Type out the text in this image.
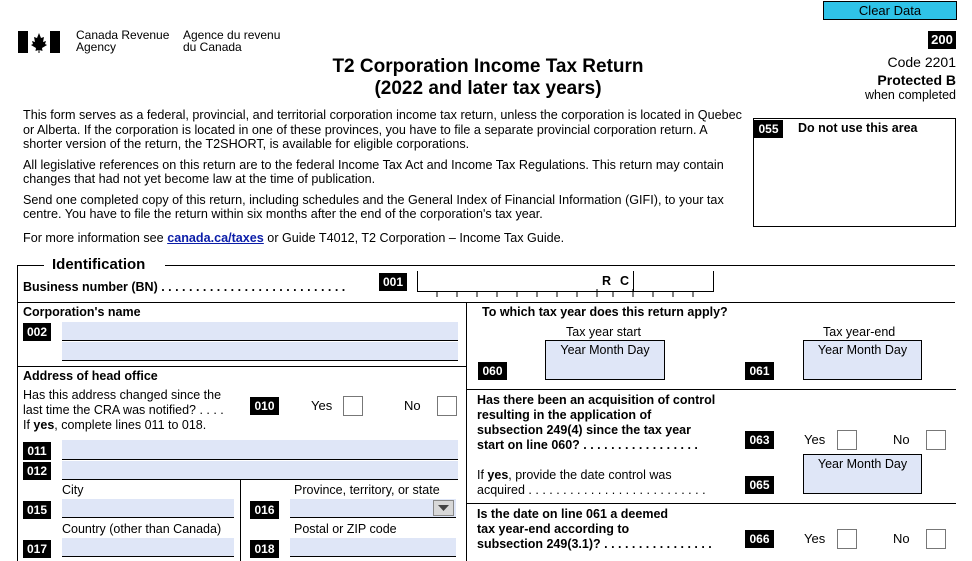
Clear Data
Canada Revenue
Agency
Agence du revenu
du Canada
T2 Corporation Income Tax Return
(2022 and later tax years)
200
Code 2201
Protected B
when completed
This form serves as a federal, provincial, and territorial corporation income tax return, unless the corporation is located in Quebec or Alberta. If the corporation is located in one of these provinces, you have to file a separate provincial corporation return. A shorter version of the return, the T2SHORT, is available for eligible corporations.
All legislative references on this return are to the federal Income Tax Act and Income Tax Regulations. This return may contain changes that had not yet become law at the time of publication.
Send one completed copy of this return, including schedules and the General Index of Financial Information (GIFI), to your tax centre. You have to file the return within six months after the end of the corporation's tax year.
For more information see canada.ca/taxes or Guide T4012, T2 Corporation – Income Tax Guide.
055	Do not use this area
Identification
Business number (BN) . . . . . . . . . . . . . . . . . . . . . . . . . . .	001	R C
Corporation's name
002
Address of head office
Has this address changed since the
last time the CRA was notified? . . . .
If yes, complete lines 011 to 018.
010	Yes	No
011
012
City
015
Province, territory, or state
016
Country (other than Canada)
017
Postal or ZIP code
018
To which tax year does this return apply?
Tax year start
Year Month Day
060
Tax year-end
Year Month Day
061
Has there been an acquisition of control
resulting in the application of
subsection 249(4) since the tax year
start on line 060? . . . . . . . . . . . . . . . . .	063	Yes	No
Year Month Day
If yes, provide the date control was
acquired . . . . . . . . . . . . . . . . . . . . . . . . . .	065
Is the date on line 061 a deemed
tax year-end according to
subsection 249(3.1)? . . . . . . . . . . . . . . . .	066	Yes	No
